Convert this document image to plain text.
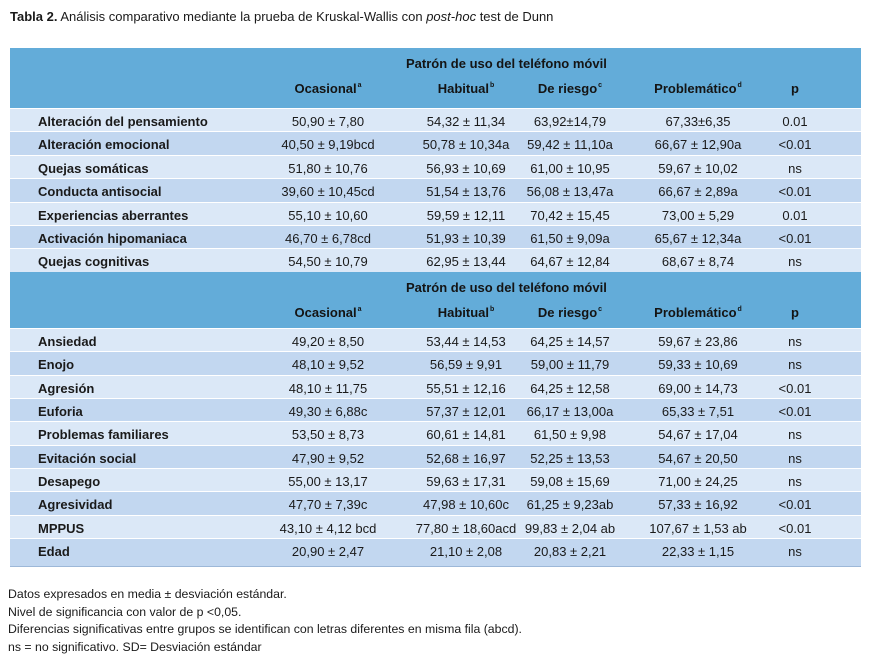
Tabla 2. Análisis comparativo mediante la prueba de Kruskal-Wallis con post-hoc test de Dunn
Patrón de uso del teléfono móvil
Ocasional$^a$	Habitual$^b$	De riesgo$^c$	Problemático$^d$	p
Alteración del pensamiento	50,90 ± 7,80	54,32 ± 11,34 63,92±14,79	67,33±6,35	0.01
Alteración emocional	40,50 ± 9,19bcd	50,78 ± 10,34a 59,42 ± 11,10a	66,67 ± 12,90a	<0.01
Quejas somáticas	51,80 ± 10,76	56,93 ± 10,69 61,00 ± 10,95	59,67 ± 10,02	ns
Conducta antisocial	39,60 ± 10,45cd	51,54 ± 13,76 56,08 ± 13,47a	66,67 ± 2,89a	<0.01
Experiencias aberrantes	55,10 ± 10,60	59,59 ± 12,11 70,42 ± 15,45	73,00 ± 5,29	0.01
Activación hipomaniaca	46,70 ± 6,78cd	51,93 ± 10,39 61,50 ± 9,09a	65,67 ± 12,34a	<0.01
Quejas cognitivas	54,50 ± 10,79	62,95 ± 13,44 64,67 ± 12,84	68,67 ± 8,74	ns
Patrón de uso del teléfono móvil
Ocasional$^a$	Habitual$^b$	De riesgo$^c$	Problemático$^d$	p
Ansiedad	49,20 ± 8,50	53,44 ± 14,53 64,25 ± 14,57	59,67 ± 23,86	ns
Enojo	48,10 ± 9,52	56,59 ± 9,91 59,00 ± 11,79	59,33 ± 10,69	ns
Agresión	48,10 ± 11,75	55,51 ± 12,16 64,25 ± 12,58	69,00 ± 14,73	<0.01
Euforia	49,30 ± 6,88c	57,37 ± 12,01 66,17 ± 13,00a	65,33 ± 7,51	<0.01
Problemas familiares	53,50 ± 8,73	60,61 ± 14,81 61,50 ± 9,98	54,67 ± 17,04	ns
Evitación social	47,90 ± 9,52	52,68 ± 16,97 52,25 ± 13,53	54,67 ± 20,50	ns
Desapego	55,00 ± 13,17	59,63 ± 17,31 59,08 ± 15,69	71,00 ± 24,25	ns
Agresividad	47,70 ± 7,39c	47,98 ± 10,60c 61,25 ± 9,23ab	57,33 ± 16,92	<0.01
MPPUS	43,10 ± 4,12 bcd	77,80 ± 18,60acd 99,83 ± 2,04 ab	107,67 ± 1,53 ab <0.01
Edad	20,90 ± 2,47	21,10 ± 2,08 20,83 ± 2,21	22,33 ± 1,15	ns
Datos expresados en media ± desviación estándar.
Nivel de significancia con valor de p <0,05.
Diferencias significativas entre grupos se identifican con letras diferentes en misma fila (abcd).
ns = no significativo. SD= Desviación estándar
